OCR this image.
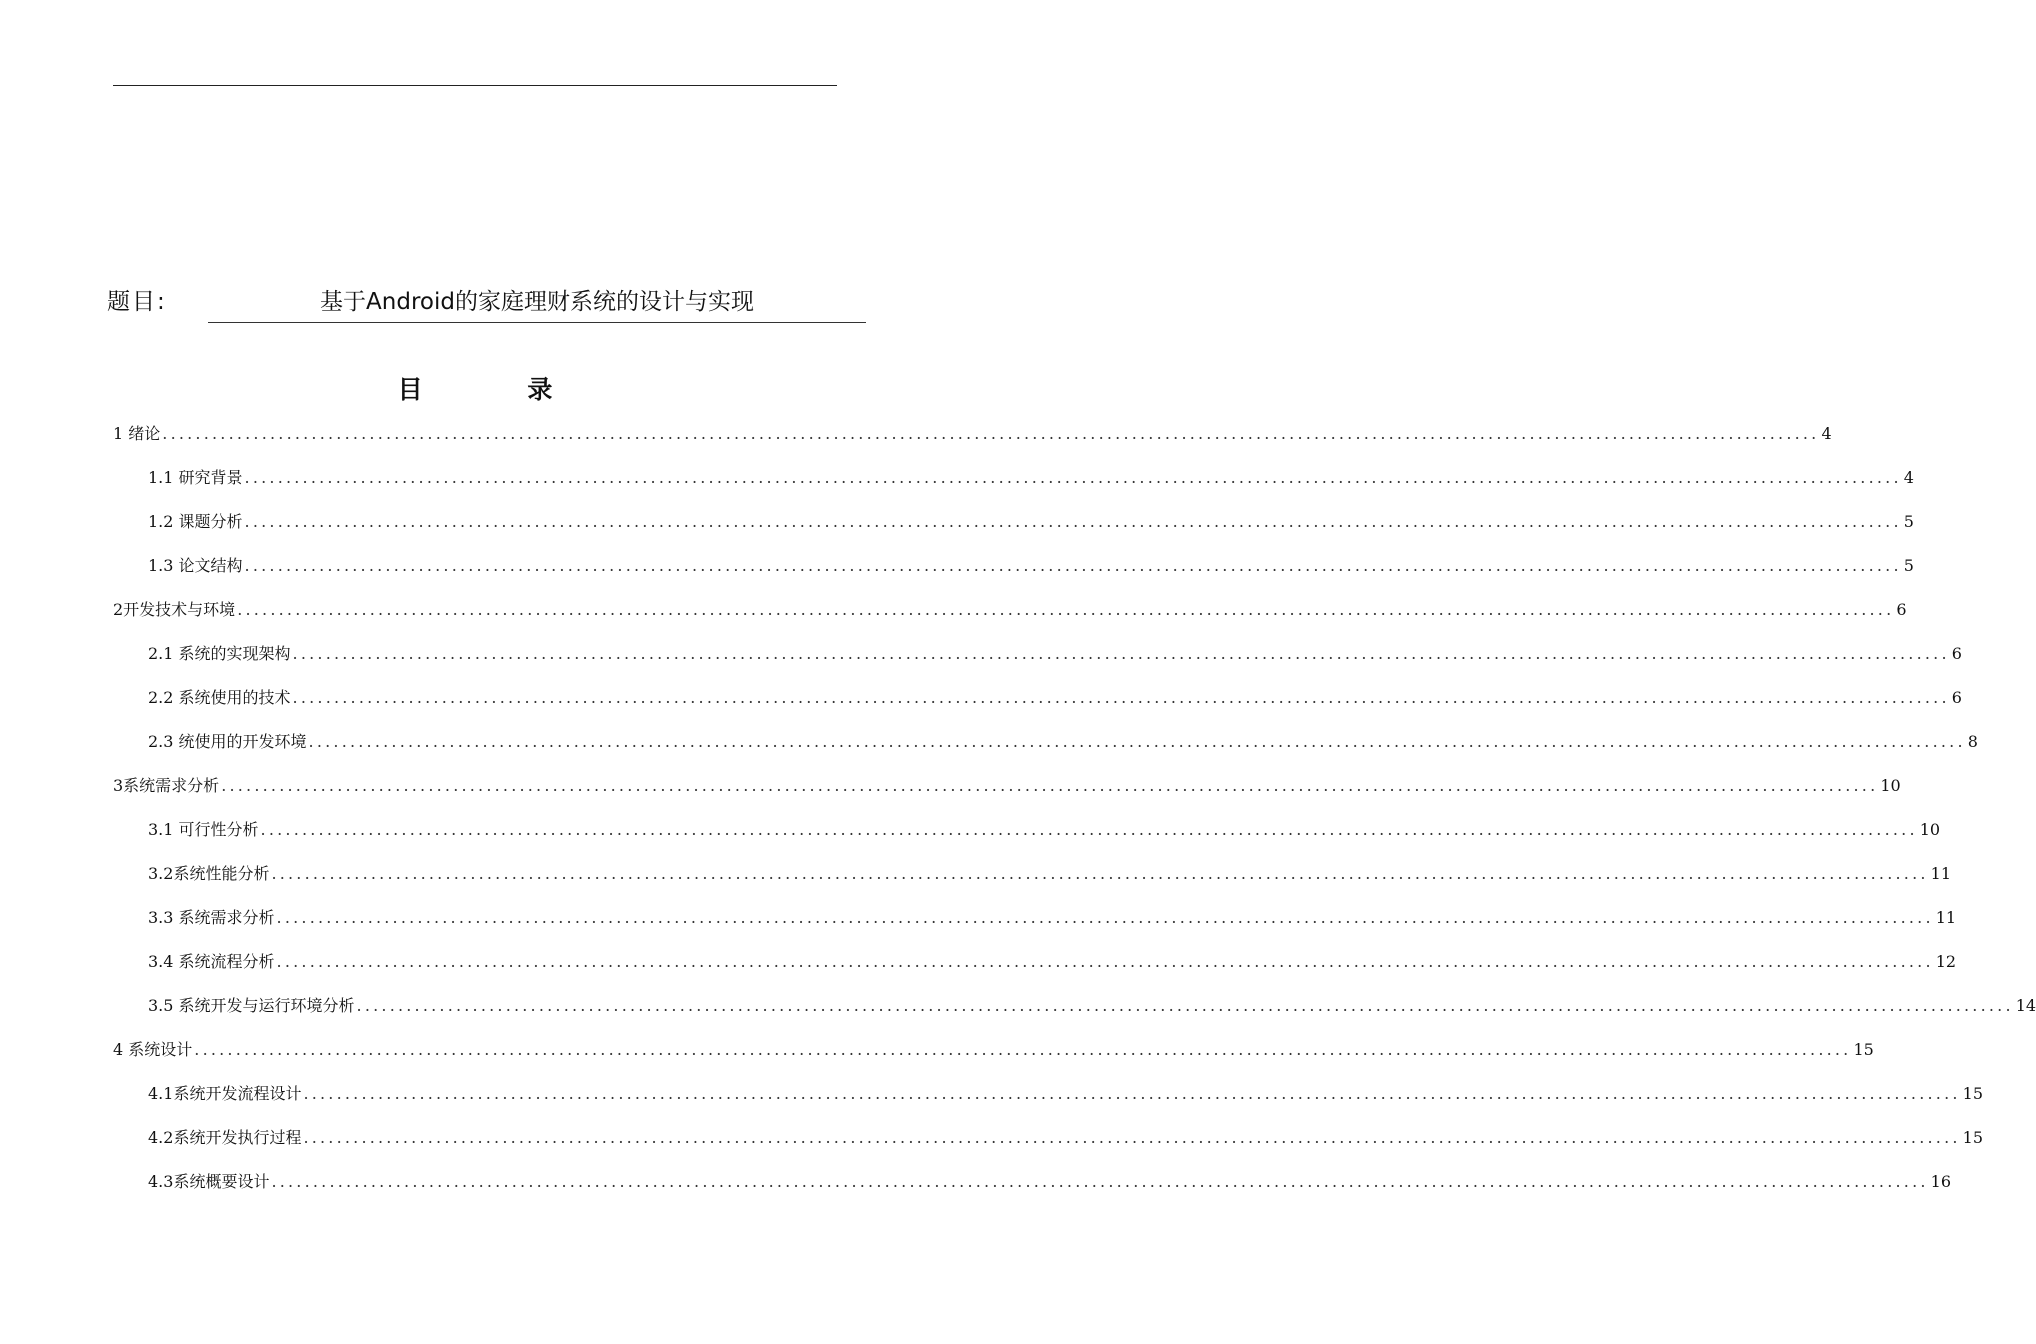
题目:	基于Android的家庭理财系统的设计与实现
目 录
1 绪论 ........................................................................................................................................................................................................ 4
1.1 研究背景 ........................................................................................................................................................................................................ 4
1.2 课题分析 ........................................................................................................................................................................................................ 5
1.3 论文结构 ........................................................................................................................................................................................................ 5
2开发技术与环境 ........................................................................................................................................................................................................ 6
2.1 系统的实现架构 ........................................................................................................................................................................................................ 6
2.2 系统使用的技术 ........................................................................................................................................................................................................ 6
2.3 统使用的开发环境 ........................................................................................................................................................................................................ 8
3系统需求分析 ........................................................................................................................................................................................................ 10
3.1 可行性分析 ........................................................................................................................................................................................................ 10
3.2系统性能分析 ........................................................................................................................................................................................................ 11
3.3 系统需求分析 ........................................................................................................................................................................................................ 11
3.4 系统流程分析 ........................................................................................................................................................................................................ 12
3.5 系统开发与运行环境分析 ........................................................................................................................................................................................................ 14
4 系统设计 ........................................................................................................................................................................................................ 15
4.1系统开发流程设计 ........................................................................................................................................................................................................ 15
4.2系统开发执行过程 ........................................................................................................................................................................................................ 15
4.3系统概要设计 ........................................................................................................................................................................................................ 16
